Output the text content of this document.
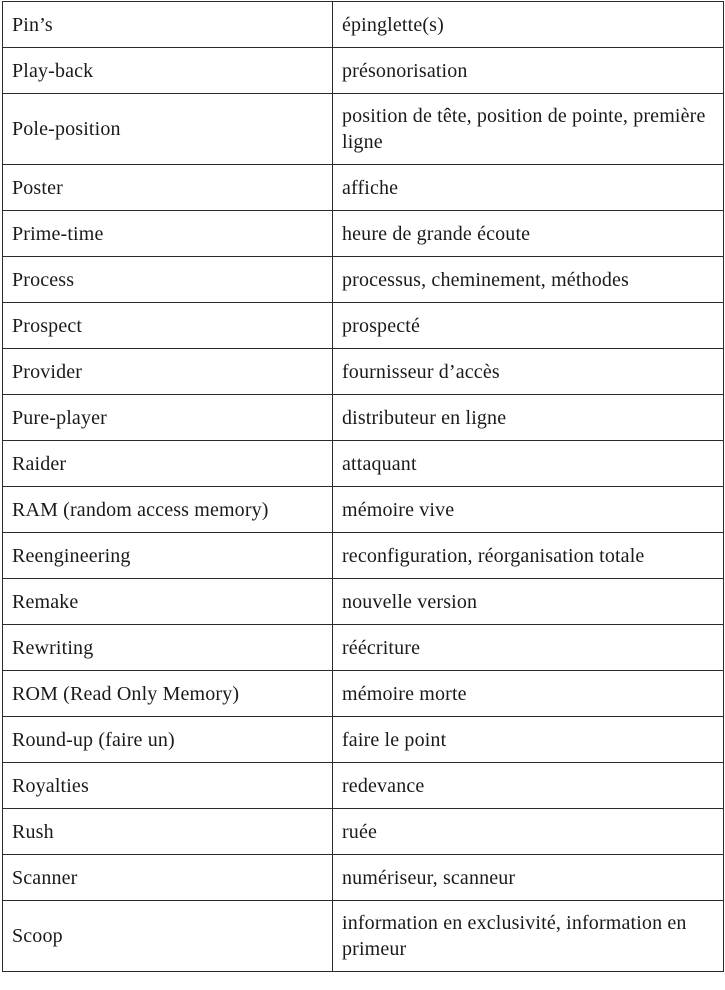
Pin’s	épinglette(s)
Play-back	présonorisation
Pole-position	position de tête, position de pointe, première ligne
Poster	affiche
Prime-time	heure de grande écoute
Process	processus, cheminement, méthodes
Prospect	prospecté
Provider	fournisseur d’accès
Pure-player	distributeur en ligne
Raider	attaquant
RAM (random access memory)	mémoire vive
Reengineering	reconfiguration, réorganisation totale
Remake	nouvelle version
Rewriting	réécriture
ROM (Read Only Memory)	mémoire morte
Round-up (faire un)	faire le point
Royalties	redevance
Rush	ruée
Scanner	numériseur, scanneur
Scoop	information en exclusivité, information en primeur
